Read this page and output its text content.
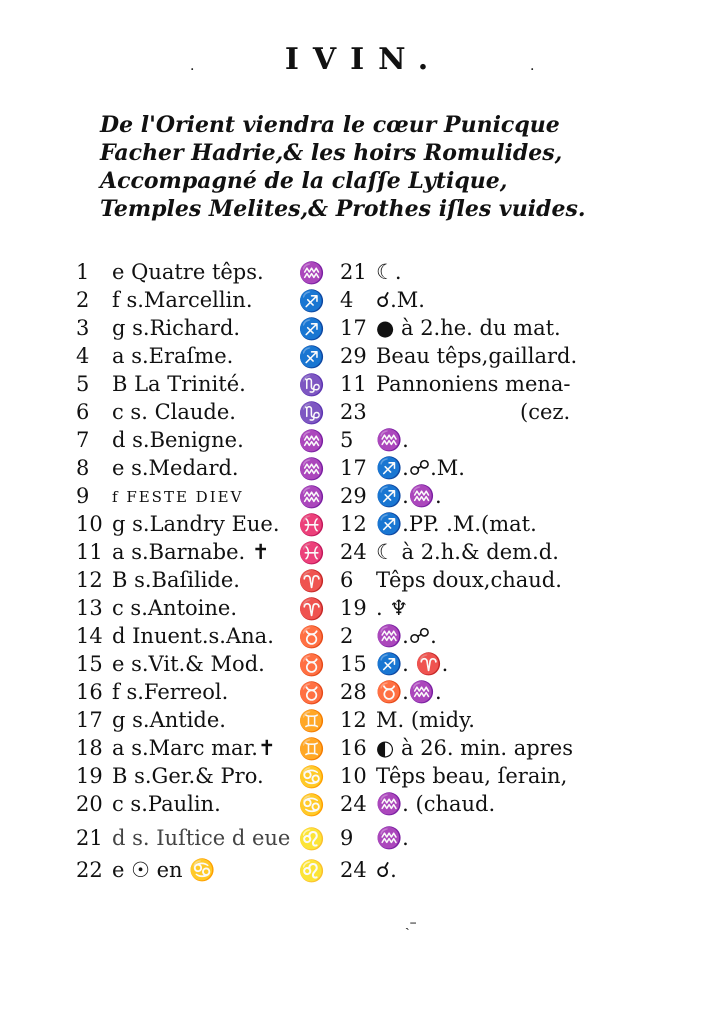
·	IVIN.	·
De l'Orient viendra le cœur Punicque
Facher Hadrie,& les hoirs Romulides,
Accompagné de la claſſe Lytique,
Temples Melites,& Prothes iſles vuides.
1 e Quatre têps.	♒ 21 ☾.
2 f s.Marcellin.	♐ 4 ☌.M.
3 g s.Richard.	♐ 17 ● à 2.he. du mat.
4 a s.Eraſme.	♐ 29 Beau têps,gaillard.
5 B La Trinité.	♑ 11 Pannoniens mena-
6 c s. Claude.	♑ 23	(cez.
7 d s.Benigne.	♒ 5 ♒.
8 e s.Medard.	♒ 17 ♐.☍.M.
9 f FESTE DIEV	♒ 29 ♐.♒.
10 g s.Landry Eue. ♓ 12 ♐.PP. .M.(mat.
11 a s.Barnabe. ✝	♓ 24 ☾ à 2.h.& dem.d.
12 B s.Baſilide.	♈ 6 Têps doux,chaud.
13 c s.Antoine.	♈ 19 . ♆
14 d Inuent.s.Ana.	♉ 2 ♒.☍.
15 e s.Vit.& Mod.	♉ 15 ♐. ♈.
16 f s.Ferreol.	♉ 28 ♉.♒.
17 g s.Antide.	♊ 12 M. (midy.
18 a s.Marc mar.✝	♊ 16 ◐ à 26. min. apres
19 B s.Ger.& Pro.	♋ 10 Têps beau, ſerain,
20 c s.Paulin.	♋ 24 ♒. (chaud.
21 d s. Iuſtice d eue ♌ 9 ♒.
22 e ☉ en ♋	♌ 24 ☌.
ˎ–
